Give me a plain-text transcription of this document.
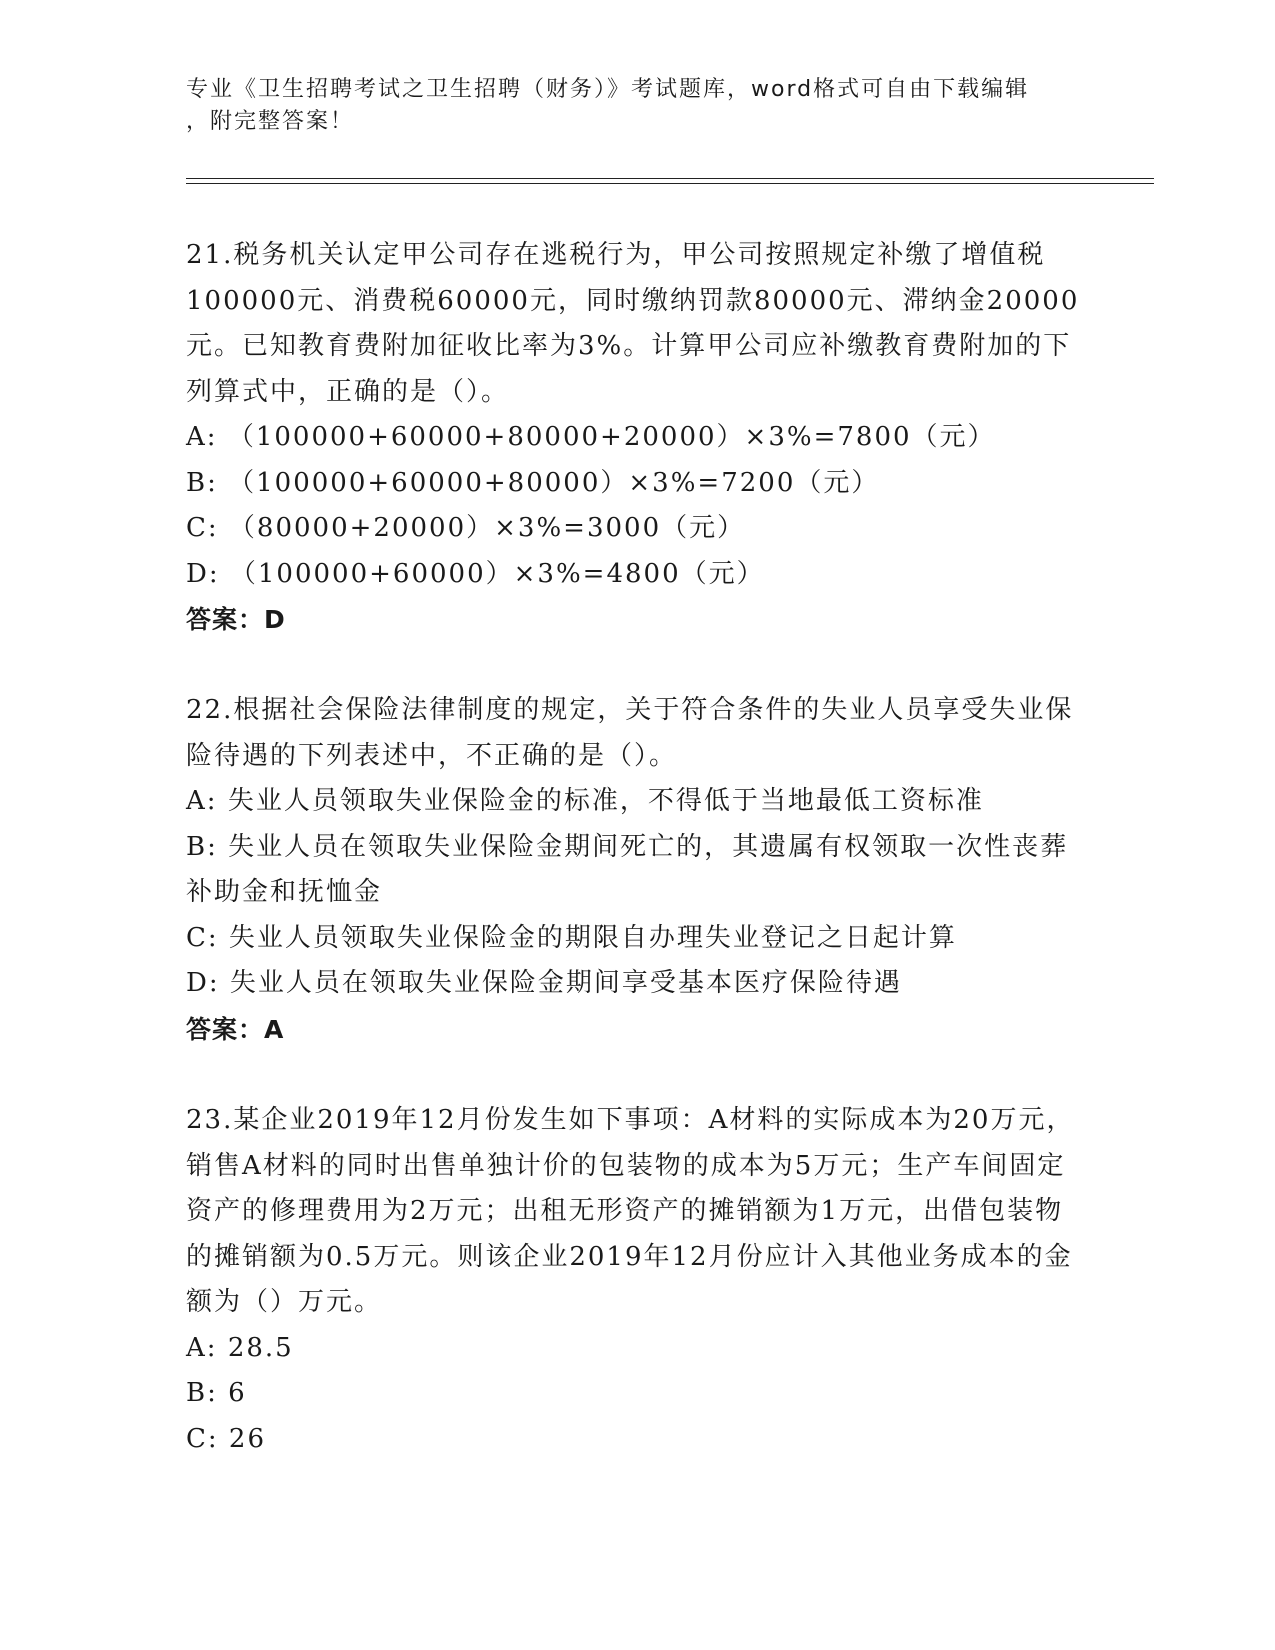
专业《卫生招聘考试之卫生招聘（财务）》考试题库，word格式可自由下载编辑
，附完整答案！

21.税务机关认定甲公司存在逃税行为，甲公司按照规定补缴了增值税100000元、消费税60000元，同时缴纳罚款80000元、滞纳金20000元。已知教育费附加征收比率为3%。计算甲公司应补缴教育费附加的下列算式中，正确的是（）。

A: （100000+60000+80000+20000）×3%=7800（元）

B: （100000+60000+80000）×3%=7200（元）

C: （80000+20000）×3%=3000（元）

D: （100000+60000）×3%=4800（元）

答案：D

22.根据社会保险法律制度的规定，关于符合条件的失业人员享受失业保险待遇的下列表述中，不正确的是（）。

A: 失业人员领取失业保险金的标准，不得低于当地最低工资标准

B: 失业人员在领取失业保险金期间死亡的，其遗属有权领取一次性丧葬补助金和抚恤金

C: 失业人员领取失业保险金的期限自办理失业登记之日起计算

D: 失业人员在领取失业保险金期间享受基本医疗保险待遇

答案：A

23.某企业2019年12月份发生如下事项：A材料的实际成本为20万元，销售A材料的同时出售单独计价的包装物的成本为5万元；生产车间固定资产的修理费用为2万元；出租无形资产的摊销额为1万元，出借包装物的摊销额为0.5万元。则该企业2019年12月份应计入其他业务成本的金额为（）万元。

A: 28.5

B: 6

C: 26
